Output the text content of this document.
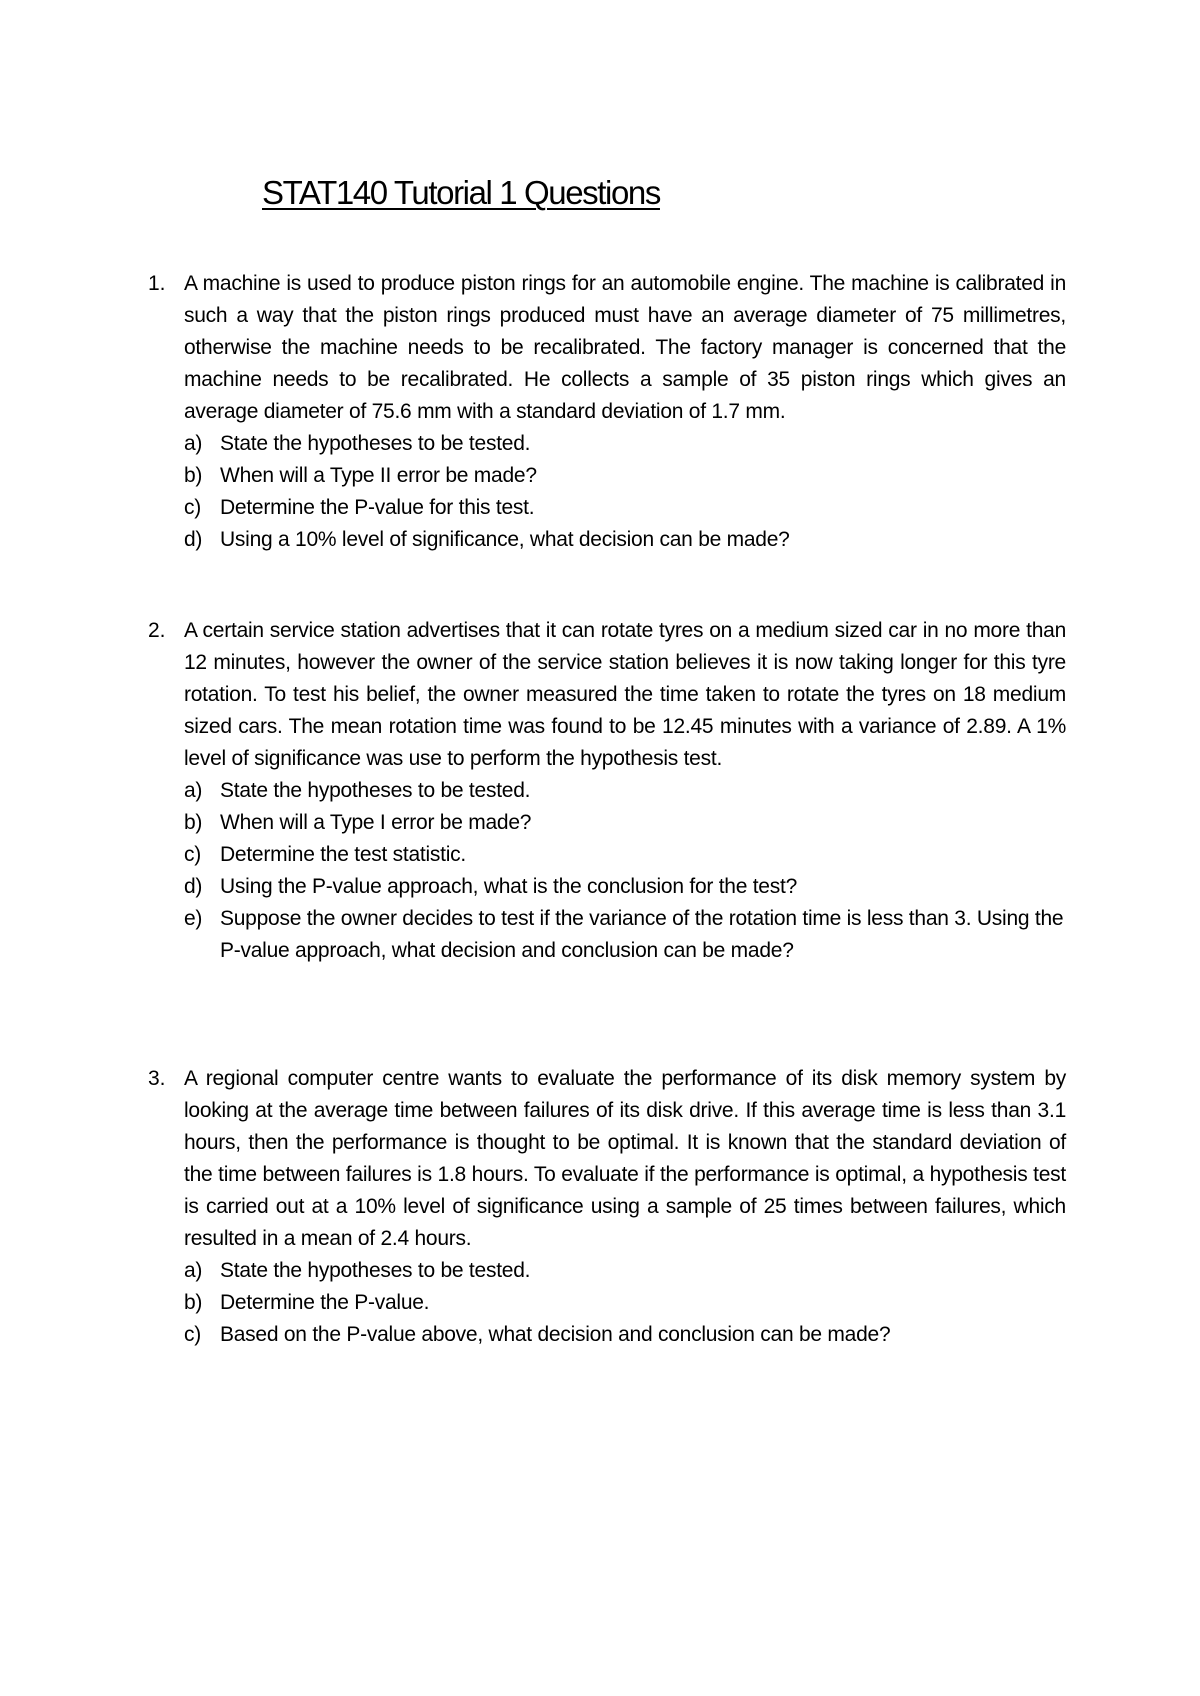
STAT140 Tutorial 1 Questions
1. A machine is used to produce piston rings for an automobile engine. The machine is calibrated in such a way that the piston rings produced must have an average diameter of 75 millimetres, otherwise the machine needs to be recalibrated. The factory manager is concerned that the machine needs to be recalibrated. He collects a sample of 35 piston rings which gives an average diameter of 75.6 mm with a standard deviation of 1.7 mm.
a) State the hypotheses to be tested.
b) When will a Type II error be made?
c) Determine the P-value for this test.
d) Using a 10% level of significance, what decision can be made?
2. A certain service station advertises that it can rotate tyres on a medium sized car in no more than 12 minutes, however the owner of the service station believes it is now taking longer for this tyre rotation. To test his belief, the owner measured the time taken to rotate the tyres on 18 medium sized cars. The mean rotation time was found to be 12.45 minutes with a variance of 2.89. A 1% level of significance was use to perform the hypothesis test.
a) State the hypotheses to be tested.
b) When will a Type I error be made?
c) Determine the test statistic.
d) Using the P-value approach, what is the conclusion for the test?
e) Suppose the owner decides to test if the variance of the rotation time is less than 3. Using the P-value approach, what decision and conclusion can be made?
3. A regional computer centre wants to evaluate the performance of its disk memory system by looking at the average time between failures of its disk drive. If this average time is less than 3.1 hours, then the performance is thought to be optimal. It is known that the standard deviation of the time between failures is 1.8 hours. To evaluate if the performance is optimal, a hypothesis test is carried out at a 10% level of significance using a sample of 25 times between failures, which resulted in a mean of 2.4 hours.
a) State the hypotheses to be tested.
b) Determine the P-value.
c) Based on the P-value above, what decision and conclusion can be made?
